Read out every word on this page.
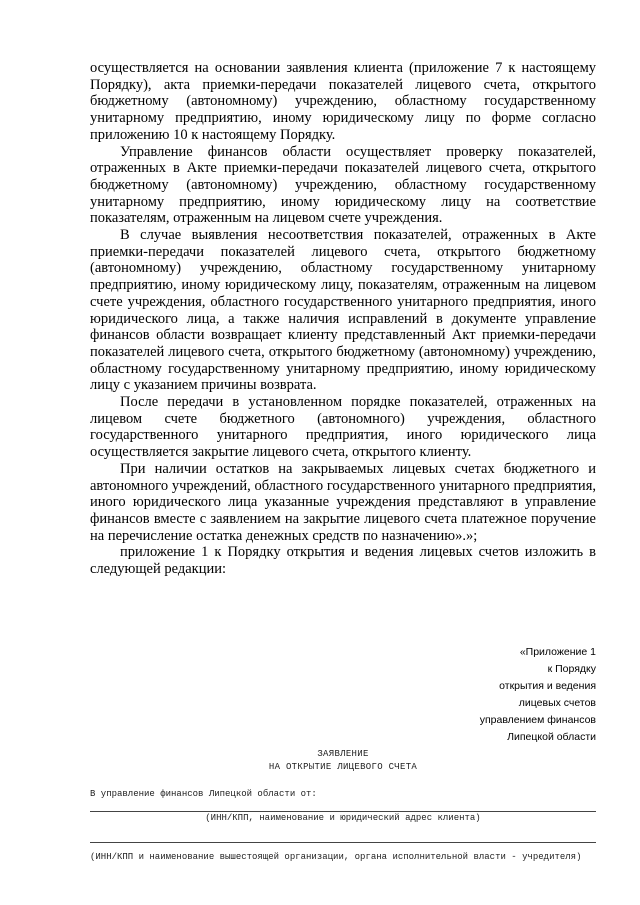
осуществляется на основании заявления клиента (приложение 7 к настоящему Порядку), акта приемки-передачи показателей лицевого счета, открытого бюджетному (автономному) учреждению, областному государственному унитарному предприятию, иному юридическому лицу по форме согласно приложению 10 к настоящему Порядку.

Управление финансов области осуществляет проверку показателей, отраженных в Акте приемки-передачи показателей лицевого счета, открытого бюджетному (автономному) учреждению, областному государственному унитарному предприятию, иному юридическому лицу на соответствие показателям, отраженным на лицевом счете учреждения.

В случае выявления несоответствия показателей, отраженных в Акте приемки-передачи показателей лицевого счета, открытого бюджетному (автономному) учреждению, областному государственному унитарному предприятию, иному юридическому лицу, показателям, отраженным на лицевом счете учреждения, областного государственного унитарного предприятия, иного юридического лица, а также наличия исправлений в документе управление финансов области возвращает клиенту представленный Акт приемки-передачи показателей лицевого счета, открытого бюджетному (автономному) учреждению, областному государственному унитарному предприятию, иному юридическому лицу с указанием причины возврата.

После передачи в установленном порядке показателей, отраженных на лицевом счете бюджетного (автономного) учреждения, областного государственного унитарного предприятия, иного юридического лица осуществляется закрытие лицевого счета, открытого клиенту.

При наличии остатков на закрываемых лицевых счетах бюджетного и автономного учреждений, областного государственного унитарного предприятия, иного юридического лица указанные учреждения представляют в управление финансов вместе с заявлением на закрытие лицевого счета платежное поручение на перечисление остатка денежных средств по назначению».»;

приложение 1 к Порядку открытия и ведения лицевых счетов изложить в следующей редакции:

«Приложение 1
к Порядку
открытия и ведения
лицевых счетов
управлением финансов
Липецкой области
ЗАЯВЛЕНИЕ
НА ОТКРЫТИЕ ЛИЦЕВОГО СЧЕТА
В управление финансов Липецкой области от:
(ИНН/КПП, наименование и юридический адрес клиента)
(ИНН/КПП и наименование вышестоящей организации, органа исполнительной власти - учредителя)
